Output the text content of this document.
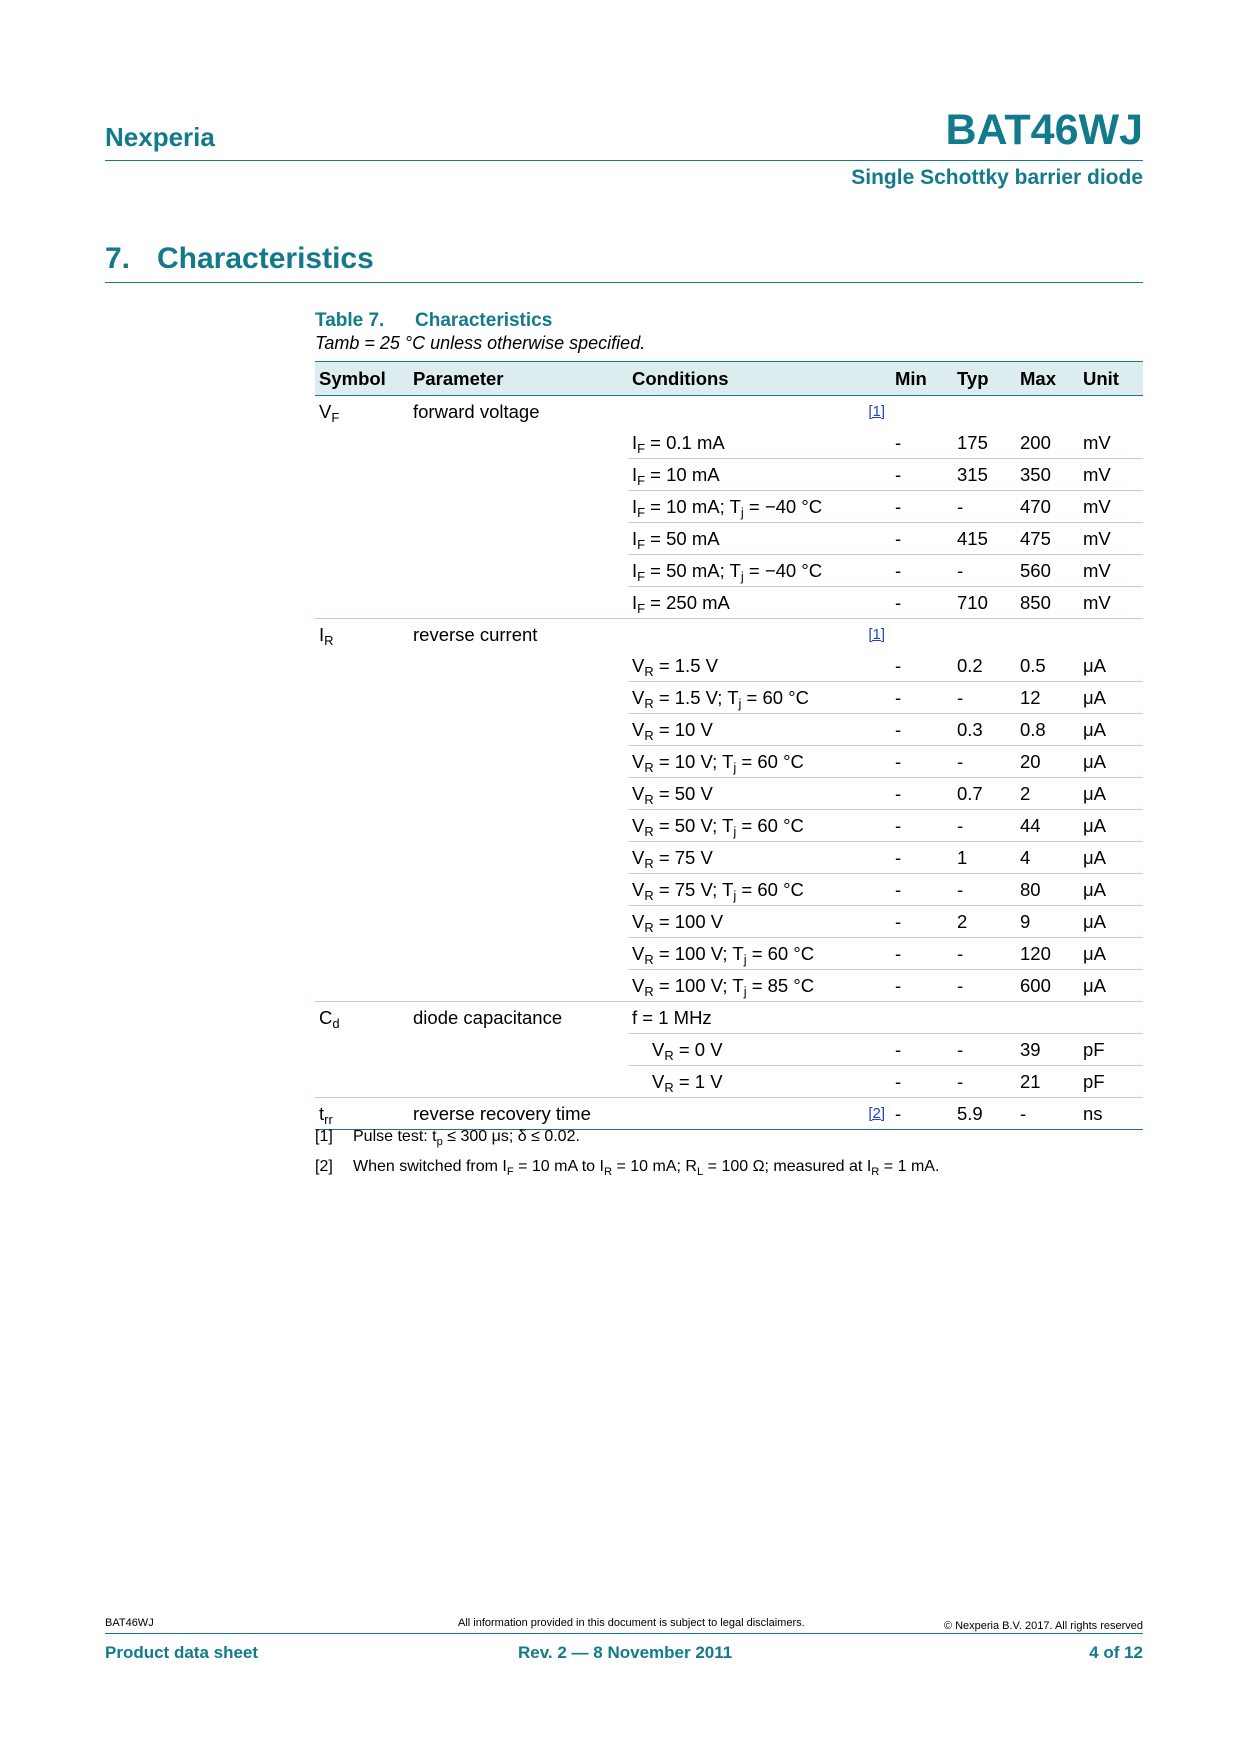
Nexperia	BAT46WJ
Single Schottky barrier diode
7. Characteristics
Table 7. Characteristics
Tamb = 25 °C unless otherwise specified.
Symbol	Parameter	Conditions	Min	Typ	Max	Unit
$V_F$	forward voltage	[1]				

		$I_F = 0.1$ mA	-	175	200	mV
		$I_F = 10$ mA	-	315	350	mV
		$I_F = 10$ mA; $T_j = -40$ °C	-	-	470	mV
		$I_F = 50$ mA	-	415	475	mV
		$I_F = 50$ mA; $T_j = -40$ °C	-	-	560	mV
		$I_F = 250$ mA	-	710	850	mV
$I_R$	reverse current	[1]				

		$V_R = 1.5$ V	-	0.2	0.5	μA
		$V_R = 1.5$ V; $T_j = 60$ °C	-	-	12	μA
		$V_R = 10$ V	-	0.3	0.8	μA
		$V_R = 10$ V; $T_j = 60$ °C	-	-	20	μA
		$V_R = 50$ V	-	0.7	2	μA
		$V_R = 50$ V; $T_j = 60$ °C	-	-	44	μA
		$V_R = 75$ V	-	1	4	μA
		$V_R = 75$ V; $T_j = 60$ °C	-	-	80	μA
		$V_R = 100$ V	-	2	9	μA
		$V_R = 100$ V; $T_j = 60$ °C	-	-	120	μA
		$V_R = 100$ V; $T_j = 85$ °C	-	-	600	μA
$C_d$	diode capacitance	f = 1 MHz				
		$V_R = 0$ V	-	-	39	pF
		$V_R = 1$ V	-	-	21	pF
$t_{rr}$	reverse recovery time	[2]	-	5.9	-	ns
[1] Pulse test: $t_p \le 300$ μs; δ ≤ 0.02.
[2] When switched from $I_F = 10$ mA to $I_R = 10$ mA; $R_L = 100$ Ω; measured at $I_R = 1$ mA.
BAT46WJ	All information provided in this document is subject to legal disclaimers.	© Nexperia B.V. 2017. All rights reserved
Product data sheet	Rev. 2 — 8 November 2011	4 of 12
